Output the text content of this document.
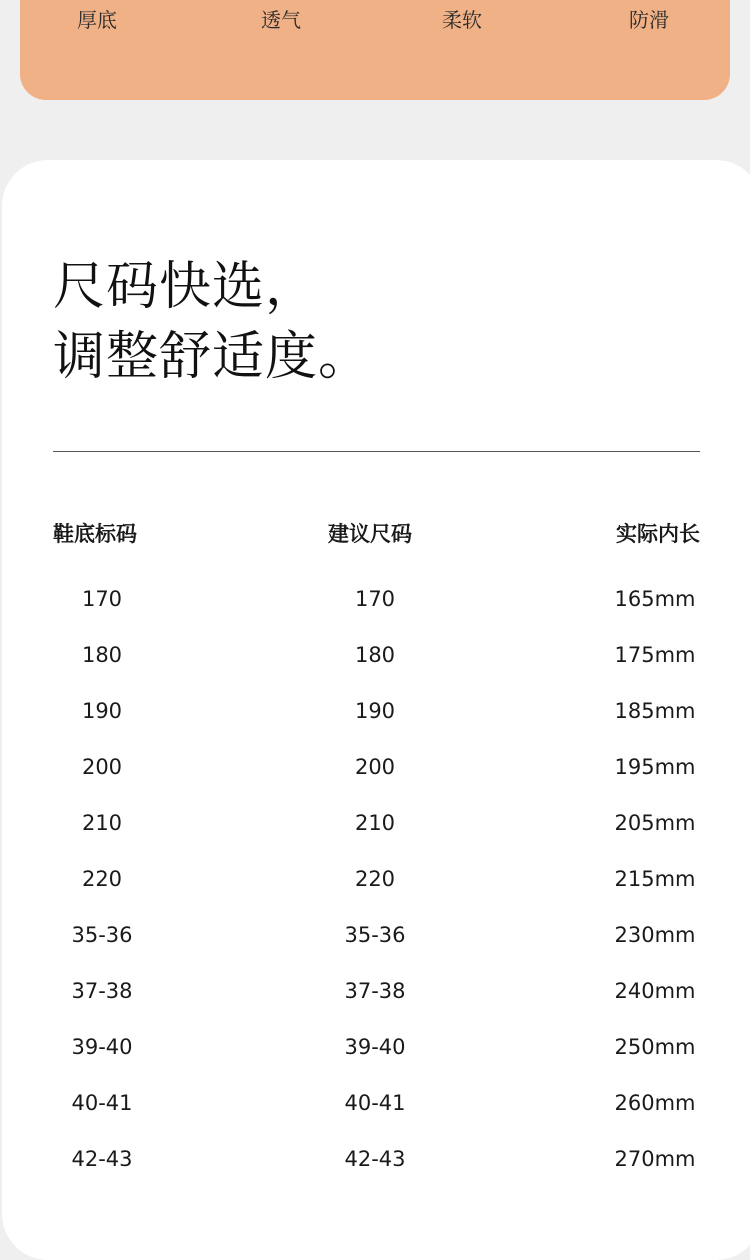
厚底	透气	柔软	防滑
尺码快选，
调整舒适度。
鞋底标码	建议尺码	实际内长
170	170	165mm
180	180	175mm
190	190	185mm
200	200	195mm
210	210	205mm
220	220	215mm
35-36	35-36	230mm
37-38	37-38	240mm
39-40	39-40	250mm
40-41	40-41	260mm
42-43	42-43	270mm
